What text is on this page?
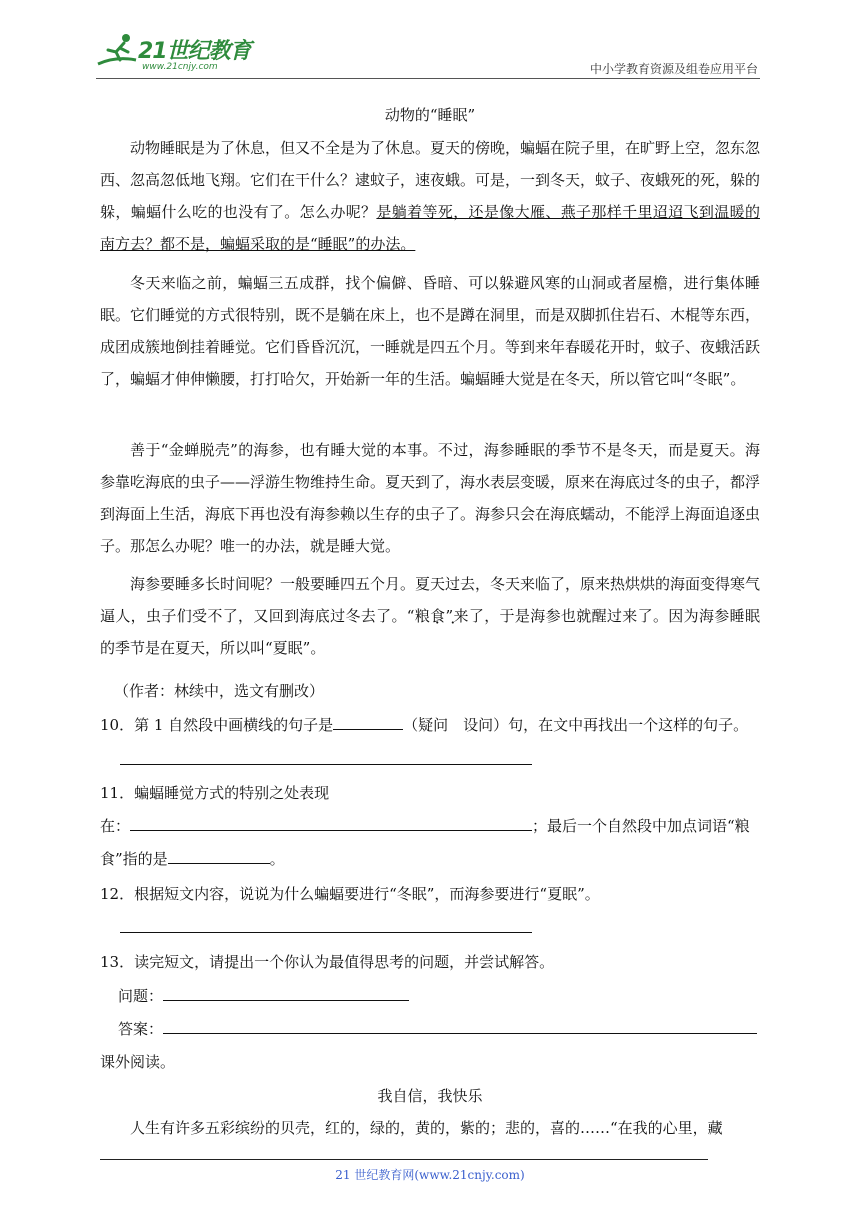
21世纪教育
www.21cnjy.com	中小学教育资源及组卷应用平台
动物的“睡眠”

动物睡眠是为了休息，但又不全是为了休息。夏天的傍晚，蝙蝠在院子里，在旷野上空，忽东忽西、忽高忽低地飞翔。它们在干什么？逮蚊子，速夜蛾。可是，一到冬天，蚊子、夜蛾死的死，躲的躲，蝙蝠什么吃的也没有了。怎么办呢？是躺着等死，还是像大雁、燕子那样千里迢迢飞到温暖的南方去？都不是，蝙蝠采取的是“睡眠”的办法。

冬天来临之前，蝙蝠三五成群，找个偏僻、昏暗、可以躲避风寒的山洞或者屋檐，进行集体睡眠。它们睡觉的方式很特别，既不是躺在床上，也不是蹲在洞里，而是双脚抓住岩石、木棍等东西，成团成簇地倒挂着睡觉。它们昏昏沉沉，一睡就是四五个月。等到来年春暖花开时，蚊子、夜蛾活跃了，蝙蝠才伸伸懒腰，打打哈欠，开始新一年的生活。蝙蝠睡大觉是在冬天，所以管它叫“冬眠”。

善于“金蝉脱壳”的海参，也有睡大觉的本事。不过，海参睡眠的季节不是冬天，而是夏天。海参靠吃海底的虫子——浮游生物维持生命。夏天到了，海水表层变暖，原来在海底过冬的虫子，都浮到海面上生活，海底下再也没有海参赖以生存的虫子了。海参只会在海底蠕动，不能浮上海面追逐虫子。那怎么办呢？唯一的办法，就是睡大觉。

海参要睡多长时间呢？一般要睡四五个月。夏天过去，冬天来临了，原来热烘烘的海面变得寒气逼人，虫子们受不了，又回到海底过冬去了。“粮食”来了，于是海参也就醒过来了。因为海参睡眠的季节是在夏天，所以叫“夏眠”。

（作者：林续中，选文有删改）
10．第 1 自然段中画横线的句子是	（疑问　设问）句，在文中再找出一个这样的句子。
11．蝙蝠睡觉方式的特别之处表现
在：	；最后一个自然段中加点词语“粮
食”指的是	。
12．根据短文内容，说说为什么蝙蝠要进行“冬眠”，而海参要进行“夏眠”。
13．读完短文，请提出一个你认为最值得思考的问题，并尝试解答。
问题：
答案：
课外阅读。
我自信，我快乐

人生有许多五彩缤纷的贝壳，红的，绿的，黄的，紫的；悲的，喜的……“在我的心里，藏

21 世纪教育网(www.21cnjy.com)
